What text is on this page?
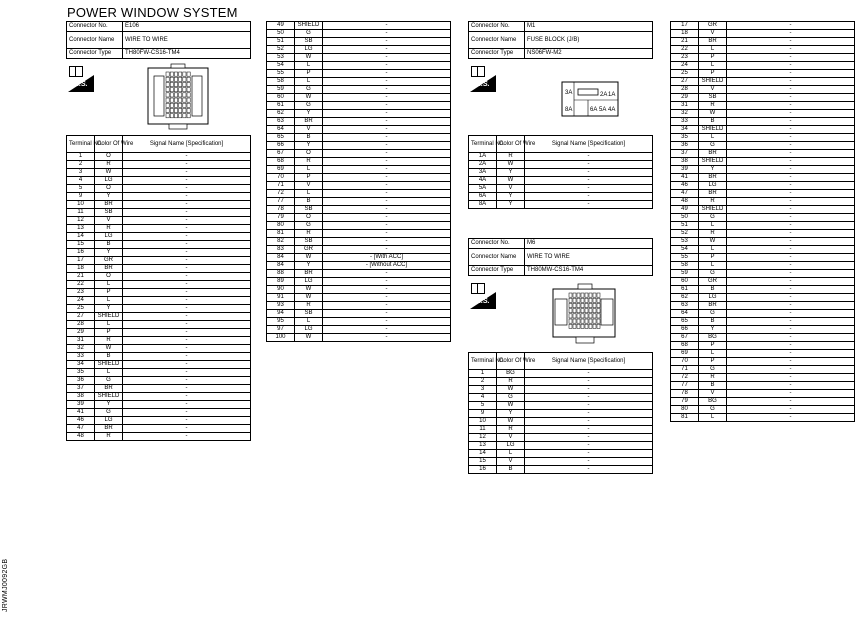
POWER WINDOW SYSTEM
JRWMJ0092GB
Connector No.	E106
Connector Name	WIRE TO WIRE
Connector Type	TH80FW-CS16-TM4
H.S.
Terminal No.	Color Of Wire	Signal Name [Specification]
1	O	-
2	R	-
3	W	-
4	LG	-
5	O	-
9	Y	-
10	BR	-
11	SB	-
12	V	-
13	R	-
14	LG	-
15	B	-
16	Y	-
17	GR	-
18	BR	-
21	O	-
22	L	-
23	P	-
24	L	-
25	Y	-
27	SHIELD	-
28	L	-
29	P	-
31	R	-
32	W	-
33	B	-
34	SHIELD	-
35	L	-
36	G	-
37	BR	-
38	SHIELD	-
39	Y	-
41	G	-
46	LG	-
47	BR	-
48	R	-
49	SHIELD	-
50	G	-
51	SB	-
52	LG	-
53	W	-
54	L	-
55	P	-
58	L	-
59	G	-
60	W	-
61	G	-
62	Y	-
63	BR	-
64	V	-
65	B	-
66	Y	-
67	O	-
68	R	-
69	L	-
70	P	-
71	V	-
72	L	-
77	B	-
78	SB	-
79	O	-
80	G	-
81	R	-
82	SB	-
83	GR	-
84	W	- [With ACC]
84	Y	- [Without ACC]
88	BR	-
89	LG	-
90	W	-
91	W	-
93	R	-
94	SB	-
95	L	-
97	LG	-
100	W	-
Connector No.	M1
Connector Name	FUSE BLOCK (J/B)
Connector Type	NS06FW-M2
H.S.
3A	2A 1A
8A	6A 5A 4A
Terminal No.	Color Of Wire	Signal Name [Specification]
1A	R	-
2A	W	-
3A	Y	-
4A	W	-
5A	V	-
6A	Y	-
8A	Y	-
Connector No.	M6
Connector Name	WIRE TO WIRE
Connector Type	TH80MW-CS16-TM4
H.S.
Terminal No.	Color Of Wire	Signal Name [Specification]
1	BG	-
2	R	-
3	W	-
4	G	-
5	W	-
9	Y	-
10	W	-
11	R	-
12	V	-
13	LG	-
14	L	-
15	V	-
16	B	-
17	GR	-
18	V	-
21	BR	-
22	L	-
23	P	-
24	L	-
25	P	-
27	SHIELD	-
28	V	-
29	SB	-
31	R	-
32	W	-
33	B	-
34	SHIELD	-
35	L	-
36	G	-
37	BR	-
38	SHIELD	-
39	Y	-
41	BR	-
46	LG	-
47	BR	-
48	R	-
49	SHIELD	-
50	G	-
51	L	-
52	R	-
53	W	-
54	L	-
55	P	-
58	L	-
59	G	-
60	GR	-
61	B	-
62	LG	-
63	BR	-
64	G	-
65	B	-
66	Y	-
67	BG	-
68	P	-
69	L	-
70	P	-
71	G	-
72	R	-
77	B	-
78	V	-
79	BG	-
80	G	-
81	L	-
